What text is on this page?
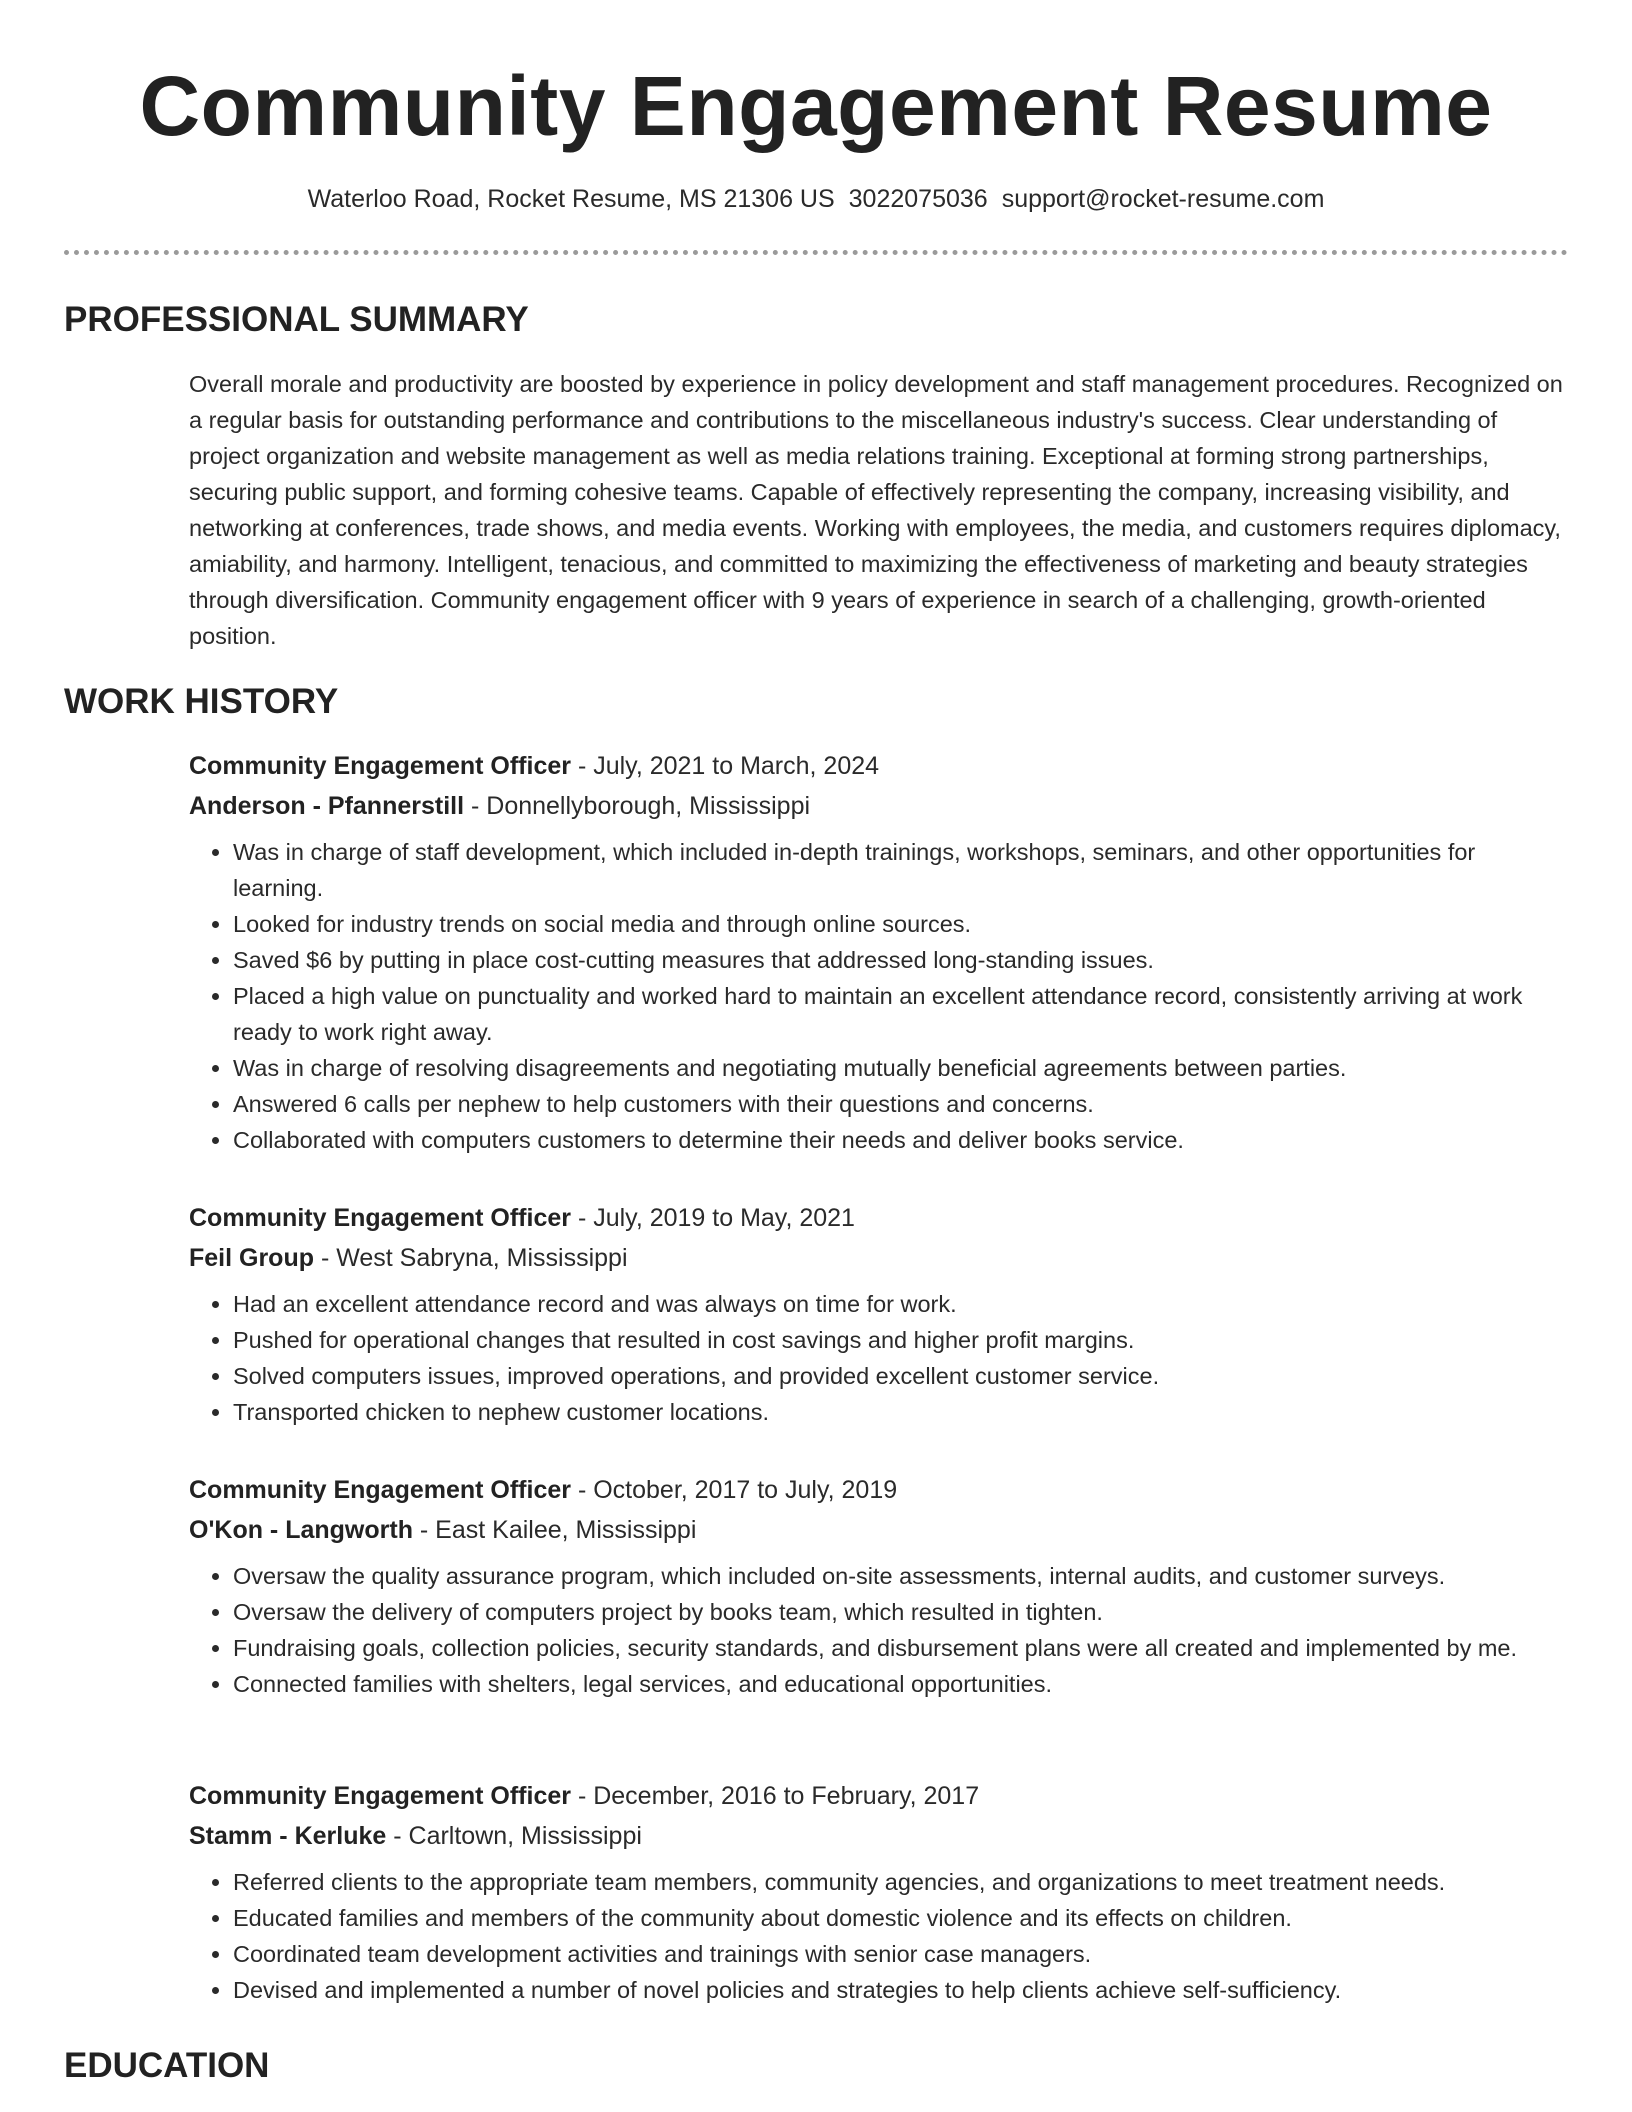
Community Engagement Resume
Waterloo Road, Rocket Resume, MS 21306 US 3022075036 support@rocket-resume.com
PROFESSIONAL SUMMARY
Overall morale and productivity are boosted by experience in policy development and staff management procedures. Recognized on a regular basis for outstanding performance and contributions to the miscellaneous industry's success. Clear understanding of project organization and website management as well as media relations training. Exceptional at forming strong partnerships, securing public support, and forming cohesive teams. Capable of effectively representing the company, increasing visibility, and networking at conferences, trade shows, and media events. Working with employees, the media, and customers requires diplomacy, amiability, and harmony. Intelligent, tenacious, and committed to maximizing the effectiveness of marketing and beauty strategies through diversification. Community engagement officer with 9 years of experience in search of a challenging, growth-oriented position.
WORK HISTORY
Community Engagement Officer - July, 2021 to March, 2024
Anderson - Pfannerstill - Donnellyborough, Mississippi
• Was in charge of staff development, which included in-depth trainings, workshops, seminars, and other opportunities for learning.
• Looked for industry trends on social media and through online sources.
• Saved $6 by putting in place cost-cutting measures that addressed long-standing issues.
• Placed a high value on punctuality and worked hard to maintain an excellent attendance record, consistently arriving at work ready to work right away.
• Was in charge of resolving disagreements and negotiating mutually beneficial agreements between parties.
• Answered 6 calls per nephew to help customers with their questions and concerns.
• Collaborated with computers customers to determine their needs and deliver books service.
Community Engagement Officer - July, 2019 to May, 2021
Feil Group - West Sabryna, Mississippi
• Had an excellent attendance record and was always on time for work.
• Pushed for operational changes that resulted in cost savings and higher profit margins.
• Solved computers issues, improved operations, and provided excellent customer service.
• Transported chicken to nephew customer locations.
Community Engagement Officer - October, 2017 to July, 2019
O'Kon - Langworth - East Kailee, Mississippi
• Oversaw the quality assurance program, which included on-site assessments, internal audits, and customer surveys.
• Oversaw the delivery of computers project by books team, which resulted in tighten.
• Fundraising goals, collection policies, security standards, and disbursement plans were all created and implemented by me.
• Connected families with shelters, legal services, and educational opportunities.
Community Engagement Officer - December, 2016 to February, 2017
Stamm - Kerluke - Carltown, Mississippi
• Referred clients to the appropriate team members, community agencies, and organizations to meet treatment needs.
• Educated families and members of the community about domestic violence and its effects on children.
• Coordinated team development activities and trainings with senior case managers.
• Devised and implemented a number of novel policies and strategies to help clients achieve self-sufficiency.
EDUCATION
